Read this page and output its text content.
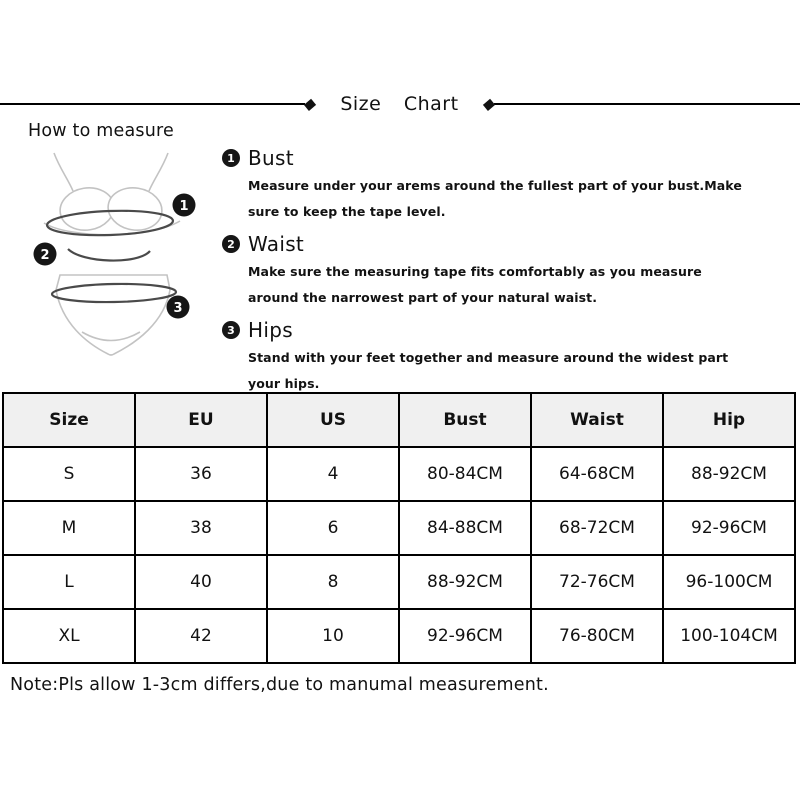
◆ Size Chart ◆
How to measure
1
2
3
1 Bust
Measure under your arems around the fullest part of your bust.Make sure to keep the tape level.
2 Waist
Make sure the measuring tape fits comfortably as you measure around the narrowest part of your natural waist.
3 Hips
Stand with your feet together and measure around the widest part your hips.
Size	EU	US	Bust	Waist	Hip
S	36	4	80-84CM	64-68CM	88-92CM
M	38	6	84-88CM	68-72CM	92-96CM
L	40	8	88-92CM	72-76CM	96-100CM
XL	42	10	92-96CM	76-80CM	100-104CM
Note:Pls allow 1-3cm differs,due to manumal measurement.
